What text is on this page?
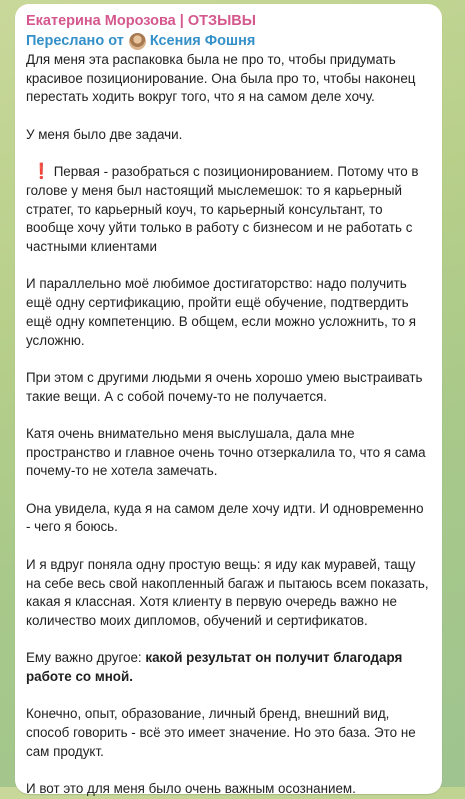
Екатерина Морозова | ОТЗЫВЫ
Переслано от Ксения Фошня

Для меня эта распаковка была не про то, чтобы придумать красивое позиционирование. Она была про то, чтобы наконец перестать ходить вокруг того, что я на самом деле хочу.

У меня было две задачи.

❗ Первая - разобраться с позиционированием. Потому что в голове у меня был настоящий мыслемешок: то я карьерный стратег, то карьерный коуч, то карьерный консультант, то вообще хочу уйти только в работу с бизнесом и не работать с частными клиентами

И параллельно моё любимое достигаторство: надо получить ещё одну сертификацию, пройти ещё обучение, подтвердить ещё одну компетенцию. В общем, если можно усложнить, то я усложню.

При этом с другими людьми я очень хорошо умею выстраивать такие вещи. А с собой почему-то не получается.

Катя очень внимательно меня выслушала, дала мне пространство и главное очень точно отзеркалила то, что я сама почему-то не хотела замечать.

Она увидела, куда я на самом деле хочу идти. И одновременно - чего я боюсь.

И я вдруг поняла одну простую вещь: я иду как муравей, тащу на себе весь свой накопленный багаж и пытаюсь всем показать, какая я классная. Хотя клиенту в первую очередь важно не количество моих дипломов, обучений и сертификатов.

Ему важно другое: какой результат он получит благодаря работе со мной.

Конечно, опыт, образование, личный бренд, внешний вид, способ говорить - всё это имеет значение. Но это база. Это не сам продукт.

И вот это для меня было очень важным осознанием.
